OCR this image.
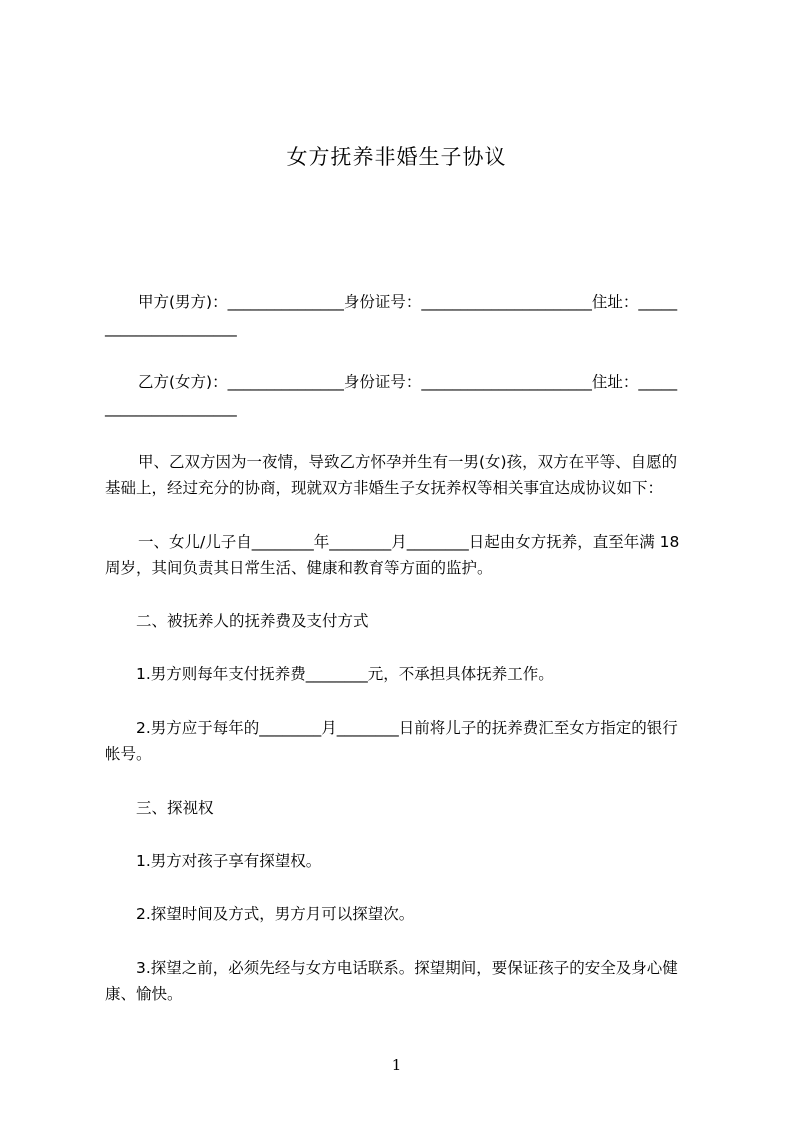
女方抚养非婚生子协议
甲方(男方)：_______________身份证号：______________________住址：_____
_________________
乙方(女方)：_______________身份证号：______________________住址：_____
_________________
甲、乙双方因为一夜情，导致乙方怀孕并生有一男(女)孩，双方在平等、自愿的
基础上，经过充分的协商，现就双方非婚生子女抚养权等相关事宜达成协议如下：
一、女儿/儿子自________年________月________日起由女方抚养，直至年满 18
周岁，其间负责其日常生活、健康和教育等方面的监护。
二、被抚养人的抚养费及支付方式
1.男方则每年支付抚养费________元，不承担具体抚养工作。
2.男方应于每年的________月________日前将儿子的抚养费汇至女方指定的银行
帐号。
三、探视权
1.男方对孩子享有探望权。
2.探望时间及方式，男方月可以探望次。
3.探望之前，必须先经与女方电话联系。探望期间，要保证孩子的安全及身心健
康、愉快。
1
